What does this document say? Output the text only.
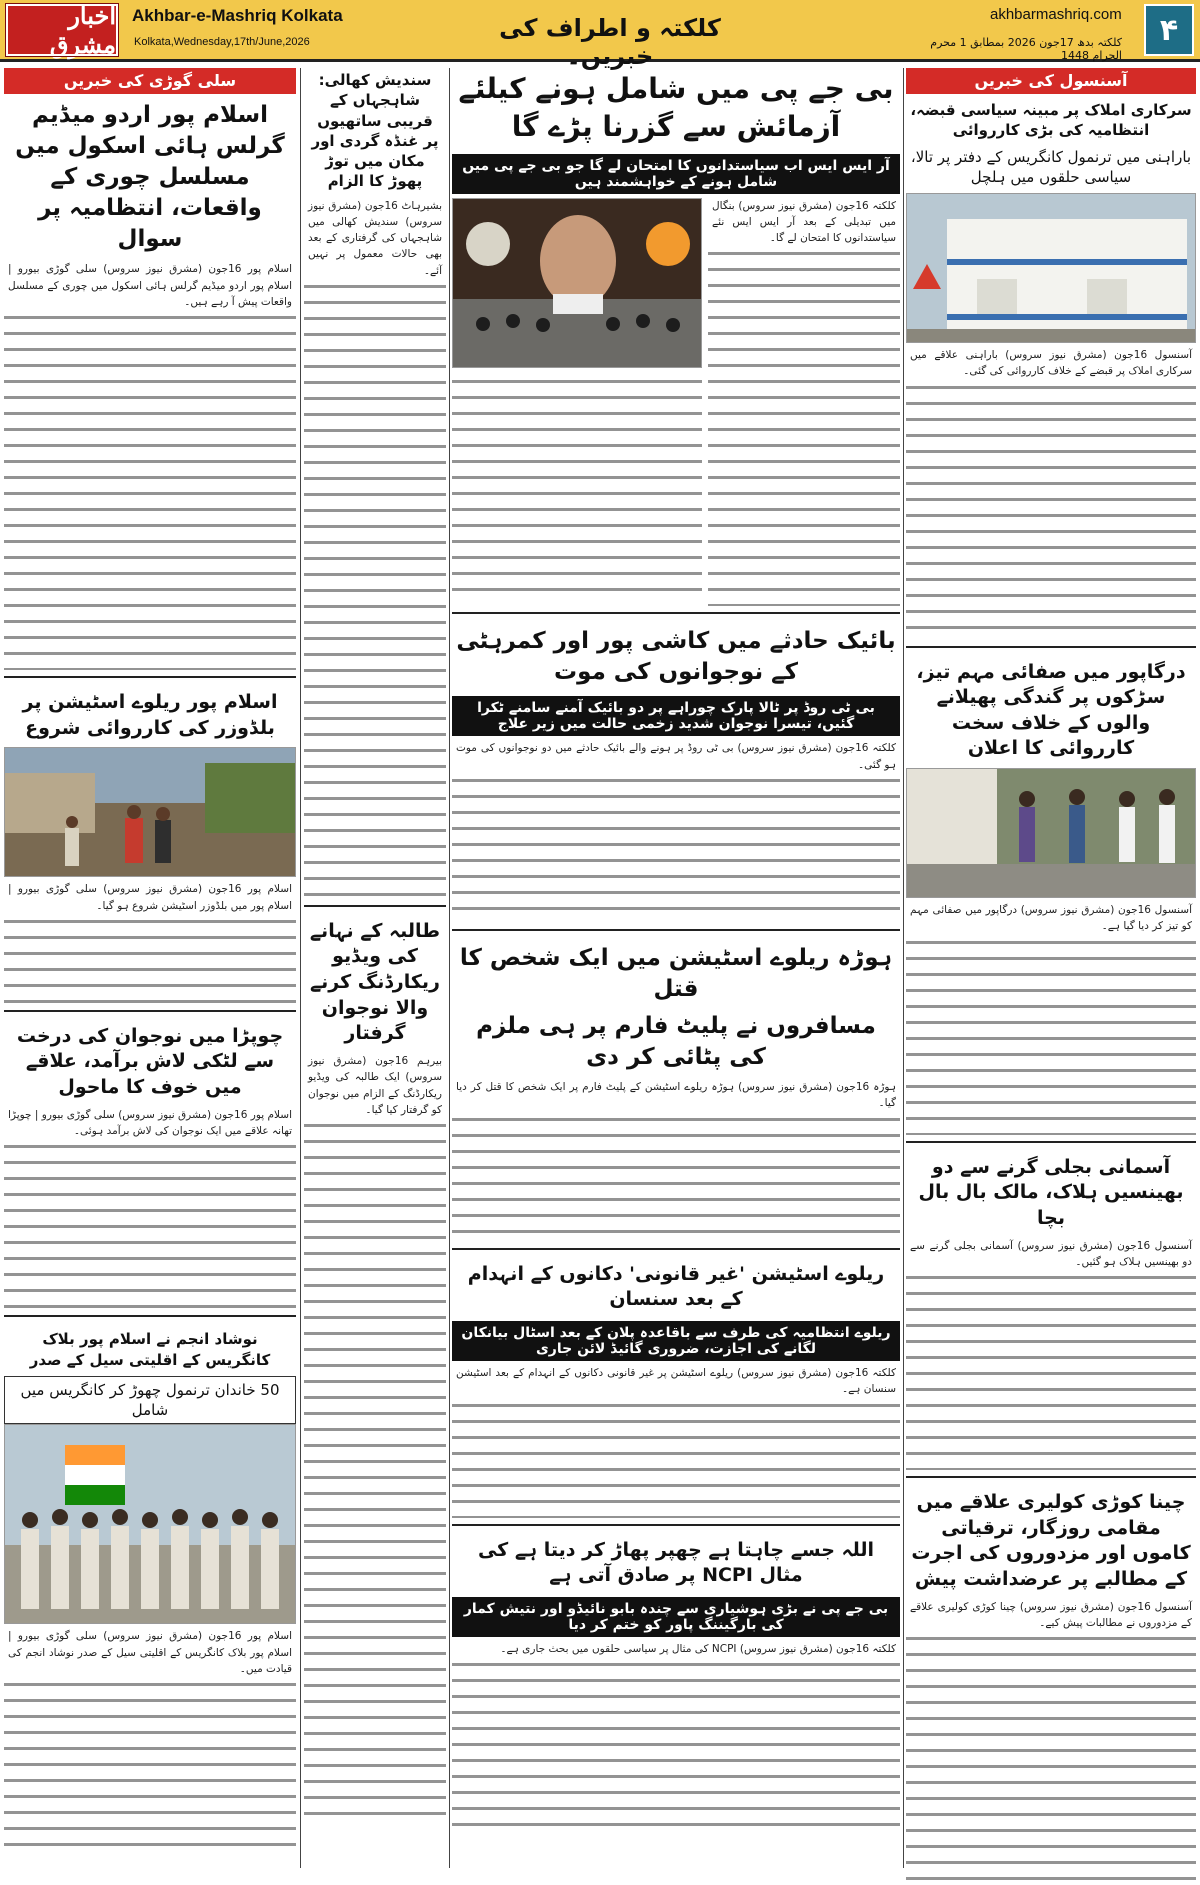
اخبار مشرق
Akhbar-e-Mashriq Kolkata
Kolkata,Wednesday,17th/June,2026	کلکتہ و اطراف کی خبریں۔
akhbarmashriq.com
کلکتہ بدھ 17جون 2026 بمطابق 1 محرم الحرام 1448
۴
سلی گوڑی کی خبریں
اسلام پور اردو میڈیم گرلس ہائی اسکول میں مسلسل چوری کے واقعات، انتظامیہ پر سوال
اسلام پور 16جون (مشرق نیوز سروس) سلی گوڑی بیورو | اسلام پور اردو میڈیم گرلس ہائی اسکول میں چوری کے مسلسل واقعات پیش آ رہے ہیں۔
اسلام پور ریلوے اسٹیشن پر بلڈوزر کی کارروائی شروع
اسلام پور 16جون (مشرق نیوز سروس) سلی گوڑی بیورو | اسلام پور میں بلڈوزر اسٹیشن شروع ہو گیا۔
چوپڑا میں نوجوان کی درخت سے لٹکی لاش برآمد، علاقے میں خوف کا ماحول
اسلام پور 16جون (مشرق نیوز سروس) سلی گوڑی بیورو | چوپڑا تھانہ علاقے میں ایک نوجوان کی لاش برآمد ہوئی۔
نوشاد انجم نے اسلام پور بلاک کانگریس کے اقلیتی سیل کے صدر
50 خاندان ترنمول چھوڑ کر کانگریس میں شامل
اسلام پور 16جون (مشرق نیوز سروس) سلی گوڑی بیورو | اسلام پور بلاک کانگریس کے اقلیتی سیل کے صدر نوشاد انجم کی قیادت میں۔
سندیش کھالی: شاہجہاں کے قریبی ساتھیوں پر غنڈہ گردی اور مکان میں توڑ پھوڑ کا الزام
بشیرہاٹ 16جون (مشرق نیوز سروس) سندیش کھالی میں شاہجہاں کی گرفتاری کے بعد بھی حالات معمول پر نہیں آئے۔
طالبہ کے نہانے کی ویڈیو ریکارڈنگ کرنے والا نوجوان گرفتار
بیرہم 16جون (مشرق نیوز سروس) ایک طالبہ کی ویڈیو ریکارڈنگ کے الزام میں نوجوان کو گرفتار کیا گیا۔
بی جے پی میں شامل ہونے کیلئے آزمائش سے گزرنا پڑے گا
آر ایس ایس اب سیاستدانوں کا امتحان لے گا جو بی جے پی میں شامل ہونے کے خواہشمند ہیں
کلکتہ 16جون (مشرق نیوز سروس) بنگال میں تبدیلی کے بعد آر ایس ایس نئے سیاستدانوں کا امتحان لے گا۔
بائیک حادثے میں کاشی پور اور کمرہٹی کے نوجوانوں کی موت
بی ٹی روڈ پر ٹالا پارک چوراہے پر دو بائیک آمنے سامنے ٹکرا گئیں، تیسرا نوجوان شدید زخمی حالت میں زیر علاج
کلکتہ 16جون (مشرق نیوز سروس) بی ٹی روڈ پر ہونے والے بائیک حادثے میں دو نوجوانوں کی موت ہو گئی۔
ہوڑہ ریلوے اسٹیشن میں ایک شخص کا قتل
مسافروں نے پلیٹ فارم پر ہی ملزم کی پٹائی کر دی
ہوڑہ 16جون (مشرق نیوز سروس) ہوڑہ ریلوے اسٹیشن کے پلیٹ فارم پر ایک شخص کا قتل کر دیا گیا۔
ریلوے اسٹیشن 'غیر قانونی' دکانوں کے انہدام کے بعد سنسان
ریلوے انتظامیہ کی طرف سے باقاعدہ پلان کے بعد اسٹال بیانکان لگانے کی اجازت، ضروری گائیڈ لائن جاری
کلکتہ 16جون (مشرق نیوز سروس) ریلوے اسٹیشن پر غیر قانونی دکانوں کے انہدام کے بعد اسٹیشن سنسان ہے۔
اللہ جسے چاہتا ہے چھپر پھاڑ کر دیتا ہے کی مثال NCPI پر صادق آتی ہے
بی جے پی نے بڑی ہوشیاری سے چندہ بابو نائیڈو اور نتیش کمار کی بارگیننگ پاور کو ختم کر دیا
کلکتہ 16جون (مشرق نیوز سروس) NCPI کی مثال پر سیاسی حلقوں میں بحث جاری ہے۔
آسنسول کی خبریں
سرکاری املاک پر مبینہ سیاسی قبضہ، انتظامیہ کی بڑی کارروائی
باراہنی میں ترنمول کانگریس کے دفتر پر تالا، سیاسی حلقوں میں ہلچل
آسنسول 16جون (مشرق نیوز سروس) باراہنی علاقے میں سرکاری املاک پر قبضے کے خلاف کارروائی کی گئی۔
درگاپور میں صفائی مہم تیز، سڑکوں پر گندگی پھیلانے والوں کے خلاف سخت کارروائی کا اعلان
آسنسول 16جون (مشرق نیوز سروس) درگاپور میں صفائی مہم کو تیز کر دیا گیا ہے۔
آسمانی بجلی گرنے سے دو بھینسیں ہلاک، مالک بال بال بچا
آسنسول 16جون (مشرق نیوز سروس) آسمانی بجلی گرنے سے دو بھینسیں ہلاک ہو گئیں۔
چینا کوڑی کولیری علاقے میں مقامی روزگار، ترقیاتی کاموں اور مزدوروں کی اجرت کے مطالبے پر عرضداشت پیش
آسنسول 16جون (مشرق نیوز سروس) چینا کوڑی کولیری علاقے کے مزدوروں نے مطالبات پیش کیے۔
